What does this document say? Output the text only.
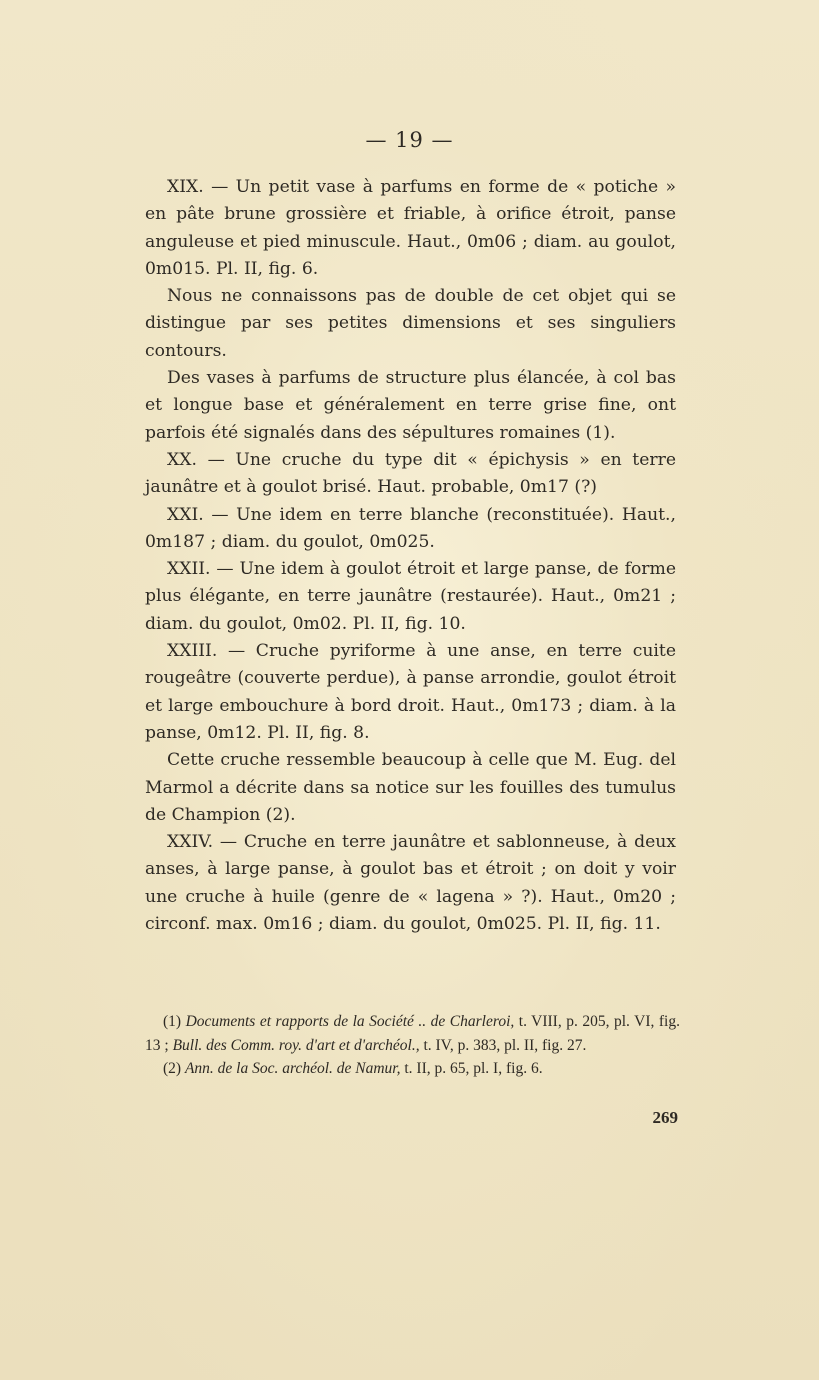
— 19 —

XIX. — Un petit vase à parfums en forme de « potiche » en pâte brune grossière et friable, à orifice étroit, panse anguleuse et pied minuscule. Haut., 0m06 ; diam. au goulot, 0m015. Pl. II, fig. 6.

Nous ne connaissons pas de double de cet objet qui se distingue par ses petites dimensions et ses singuliers contours.

Des vases à parfums de structure plus élancée, à col bas et longue base et généralement en terre grise fine, ont parfois été signalés dans des sépultures romaines (1).

XX. — Une cruche du type dit « épichysis » en terre jaunâtre et à goulot brisé. Haut. probable, 0m17 (?)

XXI. — Une idem en terre blanche (reconstituée). Haut., 0m187 ; diam. du goulot, 0m025.

XXII. — Une idem à goulot étroit et large panse, de forme plus élégante, en terre jaunâtre (restaurée). Haut., 0m21 ; diam. du goulot, 0m02. Pl. II, fig. 10.

XXIII. — Cruche pyriforme à une anse, en terre cuite rougeâtre (couverte perdue), à panse arrondie, goulot étroit et large embouchure à bord droit. Haut., 0m173 ; diam. à la panse, 0m12. Pl. II, fig. 8.

Cette cruche ressemble beaucoup à celle que M. Eug. del Marmol a décrite dans sa notice sur les fouilles des tumulus de Champion (2).

XXIV. — Cruche en terre jaunâtre et sablonneuse, à deux anses, à large panse, à goulot bas et étroit ; on doit y voir une cruche à huile (genre de « lagena » ?). Haut., 0m20 ; circonf. max. 0m16 ; diam. du goulot, 0m025. Pl. II, fig. 11.

(1) Documents et rapports de la Société .. de Charleroi, t. VIII, p. 205, pl. VI, fig. 13 ; Bull. des Comm. roy. d'art et d'archéol., t. IV, p. 383, pl. II, fig. 27.

(2) Ann. de la Soc. archéol. de Namur, t. II, p. 65, pl. I, fig. 6.

269
